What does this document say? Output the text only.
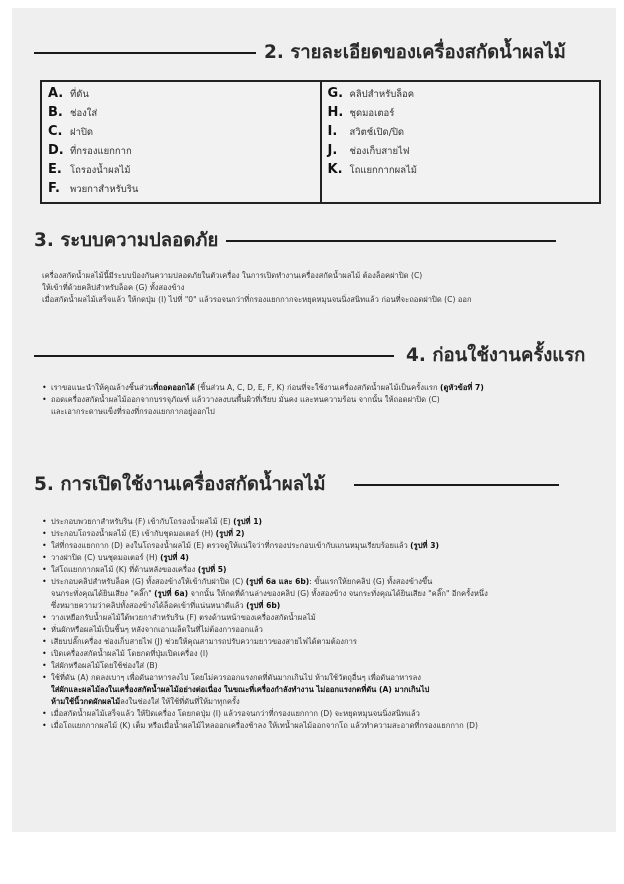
2. รายละเอียดของเครื่องสกัดน้ำผลไม้
A. ที่ดัน
B. ช่องใส่
C. ฝาปิด
D. ที่กรองแยกกาก
E. โถรองน้ำผลไม้
F.	พวยกาสำหรับริน
G. คลิปสำหรับล็อค
H. ชุดมอเตอร์
I.	สวิตช์เปิด/ปิด
J.	ช่องเก็บสายไฟ
K. โถแยกกากผลไม้
3. ระบบความปลอดภัย

เครื่องสกัดน้ำผลไม้นี้มีระบบป้องกันความปลอดภัยในตัวเครื่อง ในการเปิดทำงานเครื่องสกัดน้ำผลไม้ ต้องล็อคฝาปิด (C)

ให้เข้าที่ด้วยคลิปสำหรับล็อค (G) ทั้งสองข้าง

เมื่อสกัดน้ำผลไม้เสร็จแล้ว ให้กดปุ่ม (I) ไปที่ "0" แล้วรอจนกว่าที่กรองแยกกากจะหยุดหมุนจนนิ่งสนิทแล้ว ก่อนที่จะถอดฝาปิด (C) ออก

4. ก่อนใช้งานครั้งแรก
• เราขอแนะนำให้คุณล้างชิ้นส่วนที่ถอดออกได้ (ชิ้นส่วน A, C, D, E, F, K) ก่อนที่จะใช้งานเครื่องสกัดน้ำผลไม้เป็นครั้งแรก (ดูหัวข้อที่ 7)
• ถอดเครื่องสกัดน้ำผลไม้ออกจากบรรจุภัณฑ์ แล้ววางลงบนพื้นผิวที่เรียบ มั่นคง และทนความร้อน จากนั้น ให้ถอดฝาปิด (C)
และเอากระดาษแข็งที่รองที่กรองแยกกากอยู่ออกไป
5. การเปิดใช้งานเครื่องสกัดน้ำผลไม้
• ประกอบพวยกาสำหรับริน (F) เข้ากับโถรองน้ำผลไม้ (E) (รูปที่ 1)
• ประกอบโถรองน้ำผลไม้ (E) เข้ากับชุดมอเตอร์ (H) (รูปที่ 2)
• ใส่ที่กรองแยกกาก (D) ลงในโถรองน้ำผลไม้ (E) ตรวจดูให้แน่ใจว่าที่กรองประกอบเข้ากับแกนหมุนเรียบร้อยแล้ว (รูปที่ 3)
• วางฝาปิด (C) บนชุดมอเตอร์ (H) (รูปที่ 4)
• ใส่โถแยกกากผลไม้ (K) ที่ด้านหลังของเครื่อง (รูปที่ 5)
• ประกอบคลิปสำหรับล็อค (G) ทั้งสองข้างให้เข้ากับฝาปิด (C) (รูปที่ 6a และ 6b): ขั้นแรกให้ยกคลิป (G) ทั้งสองข้างขึ้น
จนกระทั่งคุณได้ยินเสียง "คลิ๊ก" (รูปที่ 6a) จากนั้น ให้กดที่ด้านล่างของคลิป (G) ทั้งสองข้าง จนกระทั่งคุณได้ยินเสียง "คลิ๊ก" อีกครั้งหนึ่ง
ซึ่งหมายความว่าคลิปทั้งสองข้างได้ล็อคเข้าที่แน่นหนาดีแล้ว (รูปที่ 6b)
• วางเหยือกรับน้ำผลไม้ใต้พวยกาสำหรับริน (F) ตรงด้านหน้าของเครื่องสกัดน้ำผลไม้
• หั่นผักหรือผลไม้เป็นชิ้นๆ หลังจากเอาเมล็ดในที่ไม่ต้องการออกแล้ว
• เสียบปลั๊กเครื่อง ช่องเก็บสายไฟ (J) ช่วยให้คุณสามารถปรับความยาวของสายไฟได้ตามต้องการ
• เปิดเครื่องสกัดน้ำผลไม้ โดยกดที่ปุ่มเปิดเครื่อง (I)
• ใส่ผักหรือผลไม้โดยใช้ช่องใส่ (B)
• ใช้ที่ดัน (A) กดลงเบาๆ เพื่อดันอาหารลงไป โดยไม่ควรออกแรงกดที่ดันมากเกินไป ห้ามใช้วัตถุอื่นๆ เพื่อดันอาหารลง
ใส่ผักและผลไม้ลงในเครื่องสกัดน้ำผลไม้อย่างต่อเนื่อง ในขณะที่เครื่องกำลังทำงาน ไม่ออกแรงกดที่ดัน (A) มากเกินไป
ห้ามใช้นิ้วกดผักผลไม้ลงในช่องใส่ ให้ใช้ที่ดันที่ให้มาทุกครั้ง
• เมื่อสกัดน้ำผลไม้เสร็จแล้ว ให้ปิดเครื่อง โดยกดปุ่ม (I) แล้วรอจนกว่าที่กรองแยกกาก (D) จะหยุดหมุนจนนิ่งสนิทแล้ว
• เมื่อโถแยกกากผลไม้ (K) เต็ม หรือเมื่อน้ำผลไม้ไหลออกเครื่องช้าลง ให้เทน้ำผลไม้ออกจากโถ แล้วทำความสะอาดที่กรองแยกกาก (D)
